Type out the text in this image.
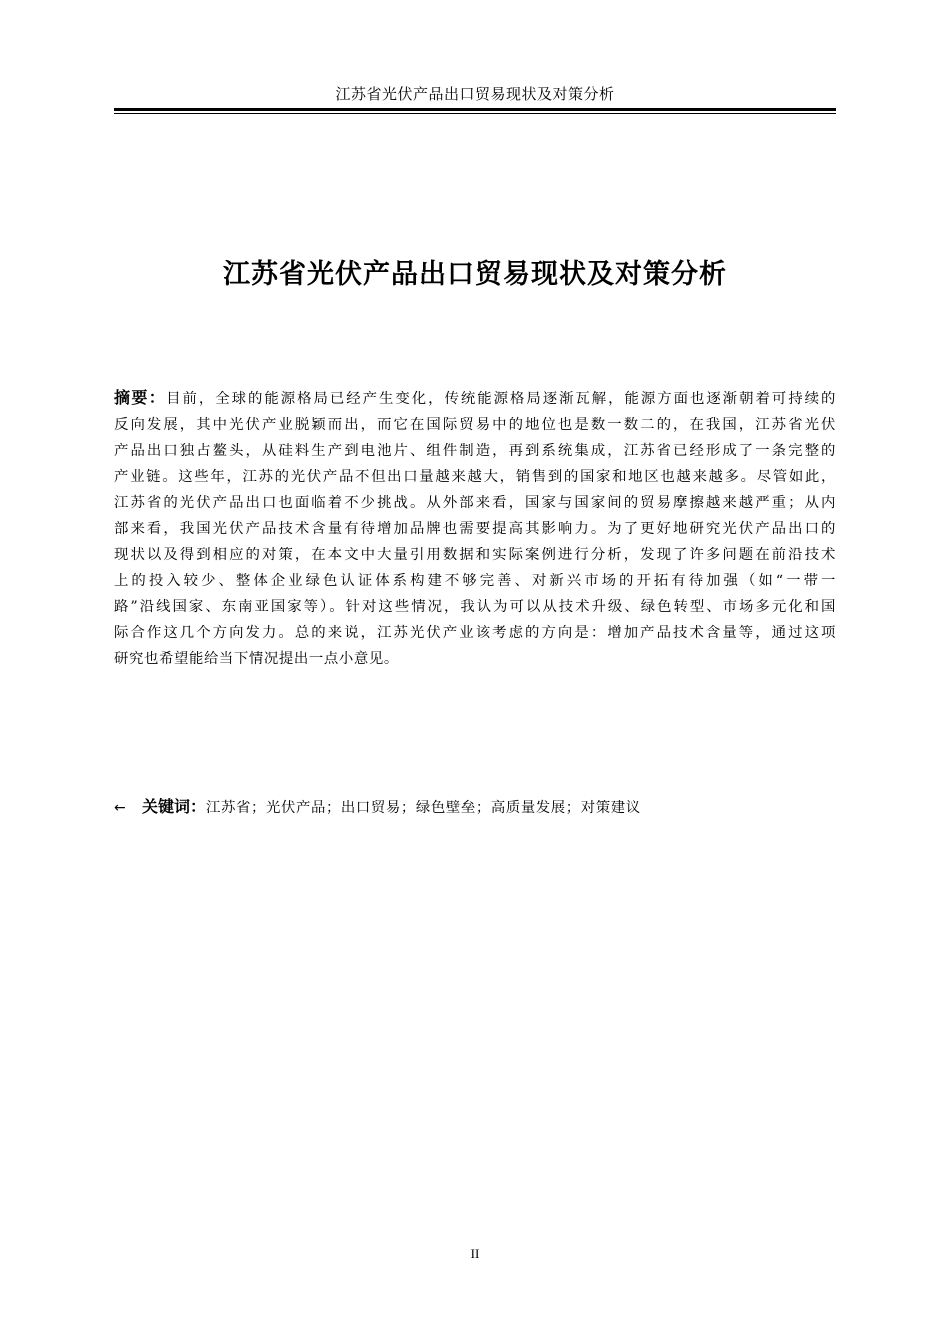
江苏省光伏产品出口贸易现状及对策分析
江苏省光伏产品出口贸易现状及对策分析
摘要：目前，全球的能源格局已经产生变化，传统能源格局逐渐瓦解，能源方面也逐渐朝着可持续的
反向发展，其中光伏产业脱颖而出，而它在国际贸易中的地位也是数一数二的，在我国，江苏省光伏
产品出口独占鳌头，从硅料生产到电池片、组件制造，再到系统集成，江苏省已经形成了一条完整的
产业链。这些年，江苏的光伏产品不但出口量越来越大，销售到的国家和地区也越来越多。尽管如此，
江苏省的光伏产品出口也面临着不少挑战。从外部来看，国家与国家间的贸易摩擦越来越严重；从内
部来看，我国光伏产品技术含量有待增加品牌也需要提高其影响力。为了更好地研究光伏产品出口的
现状以及得到相应的对策，在本文中大量引用数据和实际案例进行分析，发现了许多问题在前沿技术
上的投入较少、整体企业绿色认证体系构建不够完善、对新兴市场的开拓有待加强（如“一带一
路”沿线国家、东南亚国家等）。针对这些情况，我认为可以从技术升级、绿色转型、市场多元化和国
际合作这几个方向发力。总的来说，江苏光伏产业该考虑的方向是：增加产品技术含量等，通过这项
研究也希望能给当下情况提出一点小意见。
← 关键词：江苏省；光伏产品；出口贸易；绿色壁垒；高质量发展；对策建议
II
